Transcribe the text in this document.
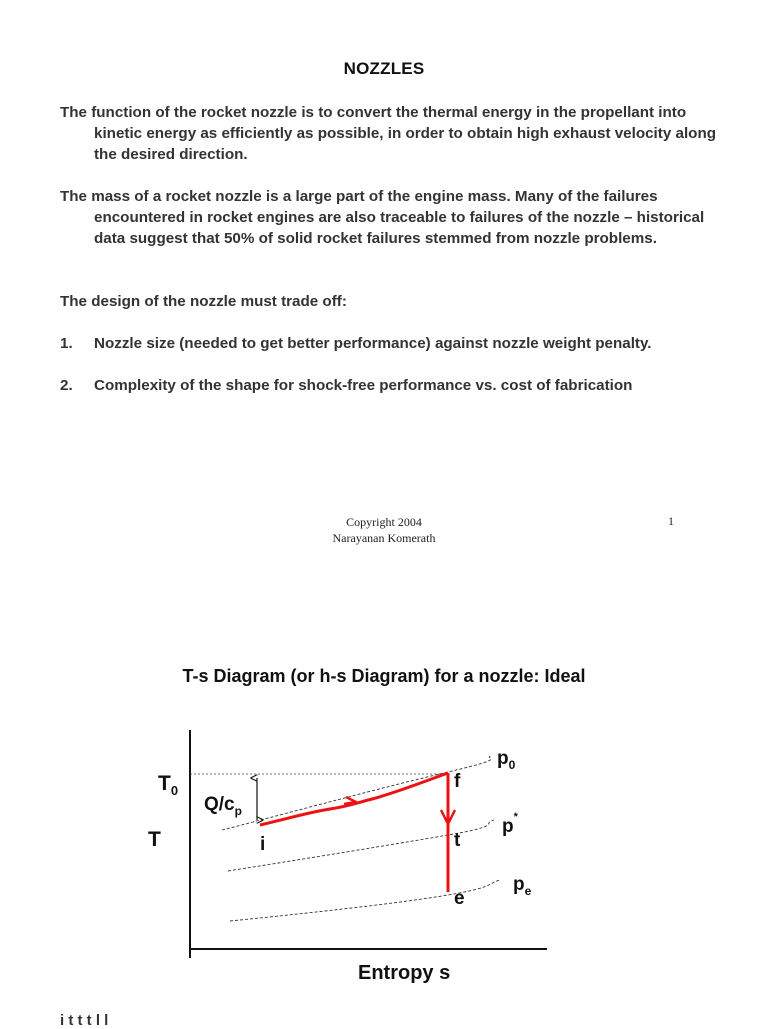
NOZZLES
The function of the rocket nozzle is to convert the thermal energy in the propellant into kinetic energy as efficiently as possible, in order to obtain high exhaust velocity along the desired direction.
The mass of a rocket nozzle is a large part of the engine mass. Many of the failures encountered in rocket engines are also traceable to failures of the nozzle – historical data suggest that 50% of solid rocket failures stemmed from nozzle problems.
The design of the nozzle must trade off:
1. Nozzle size (needed to get better performance) against nozzle weight penalty.
2. Complexity of the shape for shock-free performance vs. cost of fabrication
Copyright 2004
Narayanan Komerath
1
T-s Diagram (or h-s Diagram) for a nozzle: Ideal
$T_0$
T
$Q/c_p$
i
f
t
e
$p_0$
p*
$p_e$
Entropy s
i t t t l l
